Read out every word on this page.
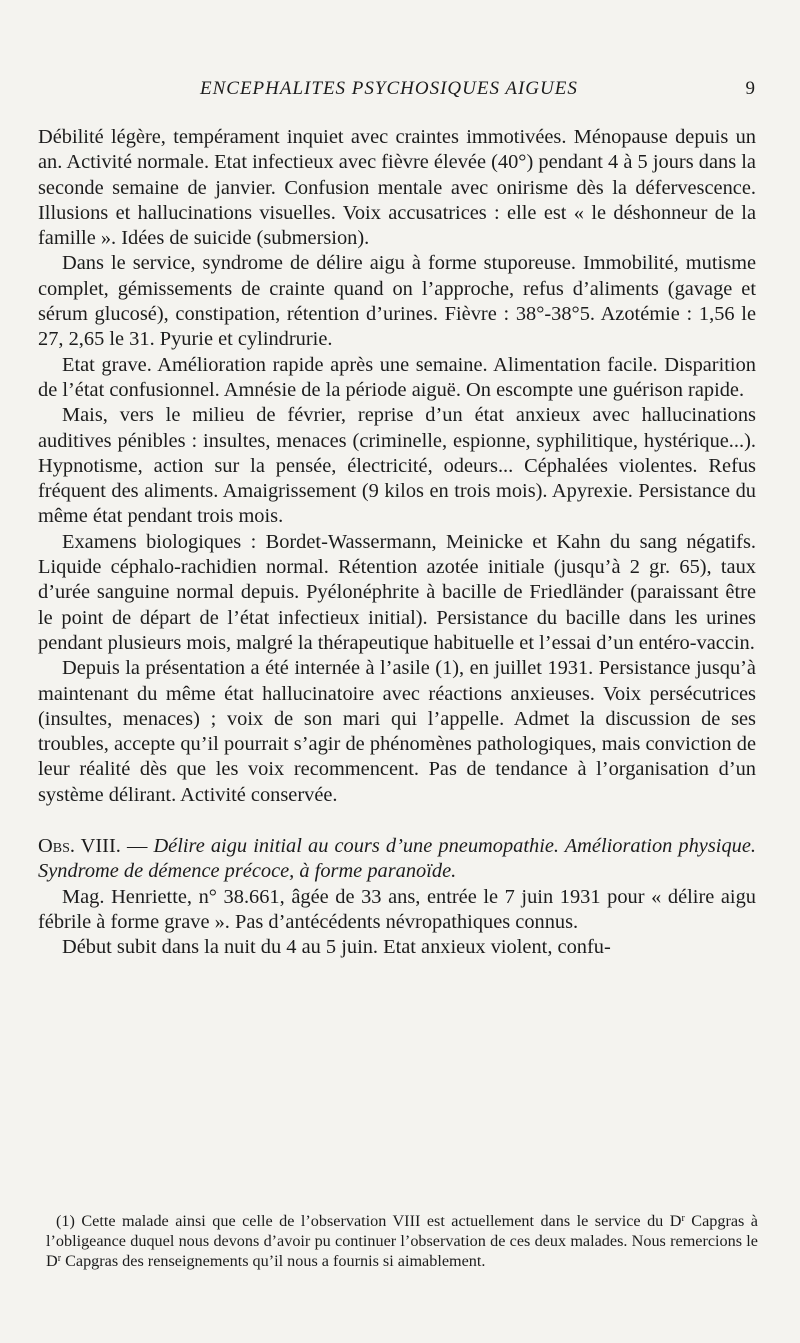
ENCEPHALITES PSYCHOSIQUES AIGUES	9

Débilité légère, tempérament inquiet avec craintes immotivées. Ménopause depuis un an. Activité normale. Etat infectieux avec fièvre élevée (40°) pendant 4 à 5 jours dans la seconde semaine de janvier. Confusion mentale avec onirisme dès la défervescence. Illusions et hallucinations visuelles. Voix accusatrices : elle est « le déshonneur de la famille ». Idées de suicide (submersion).

Dans le service, syndrome de délire aigu à forme stuporeuse. Immobilité, mutisme complet, gémissements de crainte quand on l’approche, refus d’aliments (gavage et sérum glucosé), constipation, rétention d’urines. Fièvre : 38°-38°5. Azotémie : 1,56 le 27, 2,65 le 31. Pyurie et cylindrurie.

Etat grave. Amélioration rapide après une semaine. Alimentation facile. Disparition de l’état confusionnel. Amnésie de la période aiguë. On escompte une guérison rapide.

Mais, vers le milieu de février, reprise d’un état anxieux avec hallucinations auditives pénibles : insultes, menaces (criminelle, espionne, syphilitique, hystérique...). Hypnotisme, action sur la pensée, électricité, odeurs... Céphalées violentes. Refus fréquent des aliments. Amaigrissement (9 kilos en trois mois). Apyrexie. Persistance du même état pendant trois mois.

Examens biologiques : Bordet-Wassermann, Meinicke et Kahn du sang négatifs. Liquide céphalo-rachidien normal. Rétention azotée initiale (jusqu’à 2 gr. 65), taux d’urée sanguine normal depuis. Pyélonéphrite à bacille de Friedländer (paraissant être le point de départ de l’état infectieux initial). Persistance du bacille dans les urines pendant plusieurs mois, malgré la thérapeutique habituelle et l’essai d’un entéro-vaccin.

Depuis la présentation a été internée à l’asile (1), en juillet 1931. Persistance jusqu’à maintenant du même état hallucinatoire avec réactions anxieuses. Voix persécutrices (insultes, menaces) ; voix de son mari qui l’appelle. Admet la discussion de ses troubles, accepte qu’il pourrait s’agir de phénomènes pathologiques, mais conviction de leur réalité dès que les voix recommencent. Pas de tendance à l’organisation d’un système délirant. Activité conservée.

Obs. VIII. — Délire aigu initial au cours d’une pneumopathie. Amélioration physique. Syndrome de démence précoce, à forme paranoïde.

Mag. Henriette, n° 38.661, âgée de 33 ans, entrée le 7 juin 1931 pour « délire aigu fébrile à forme grave ». Pas d’antécédents névropathiques connus.

Début subit dans la nuit du 4 au 5 juin. Etat anxieux violent, confu-

(1) Cette malade ainsi que celle de l’observation VIII est actuellement dans le service du $D^r$ Capgras à l’obligeance duquel nous devons d’avoir pu continuer l’observation de ces deux malades. Nous remercions le $D^r$ Capgras des renseignements qu’il nous a fournis si aimablement.
